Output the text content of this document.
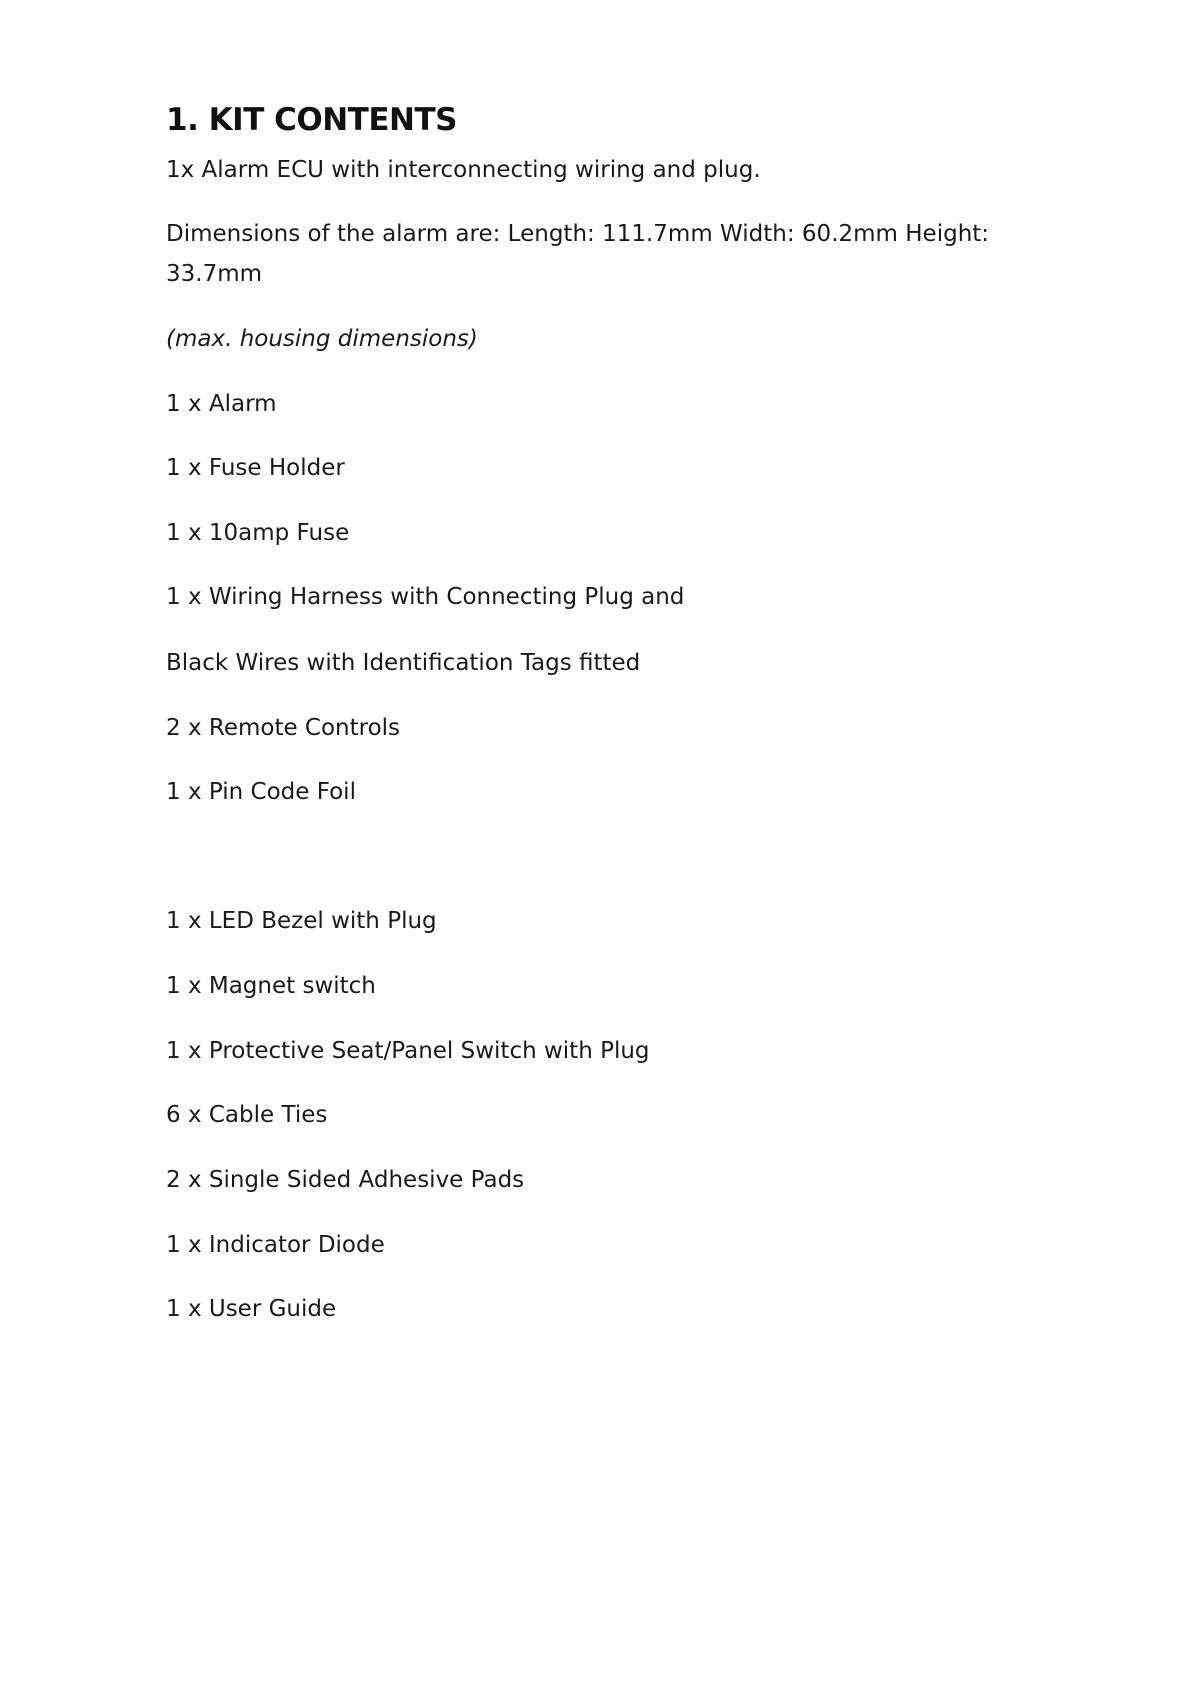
1. KIT CONTENTS

1x Alarm ECU with interconnecting wiring and plug.

Dimensions of the alarm are: Length: 111.7mm Width: 60.2mm Height:

33.7mm

(max. housing dimensions)

1 x Alarm

1 x Fuse Holder

1 x 10amp Fuse

1 x Wiring Harness with Connecting Plug and

Black Wires with Identification Tags fitted

2 x Remote Controls

1 x Pin Code Foil

1 x LED Bezel with Plug

1 x Magnet switch

1 x Protective Seat/Panel Switch with Plug

6 x Cable Ties

2 x Single Sided Adhesive Pads

1 x Indicator Diode

1 x User Guide
